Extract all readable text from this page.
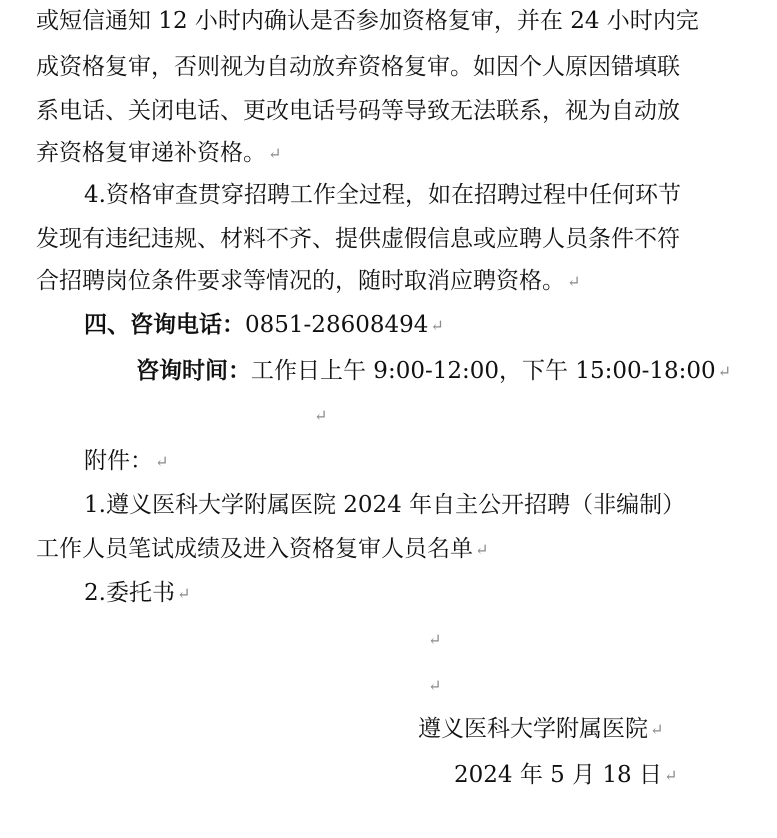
或短信通知 12 小时内确认是否参加资格复审，并在 24 小时内完
成资格复审，否则视为自动放弃资格复审。如因个人原因错填联
系电话、关闭电话、更改电话号码等导致无法联系，视为自动放
弃资格复审递补资格。 ↵
4.资格审查贯穿招聘工作全过程，如在招聘过程中任何环节
发现有违纪违规、材料不齐、提供虚假信息或应聘人员条件不符
合招聘岗位条件要求等情况的，随时取消应聘资格。 ↵
四、咨询电话：0851-28608494 ↵
咨询时间：工作日上午 9:00-12:00，下午 15:00-18:00 ↵
↵
附件： ↵
1.遵义医科大学附属医院 2024 年自主公开招聘（非编制）
工作人员笔试成绩及进入资格复审人员名单 ↵
2.委托书 ↵
↵
↵
遵义医科大学附属医院 ↵
2024 年 5 月 18 日 ↵
